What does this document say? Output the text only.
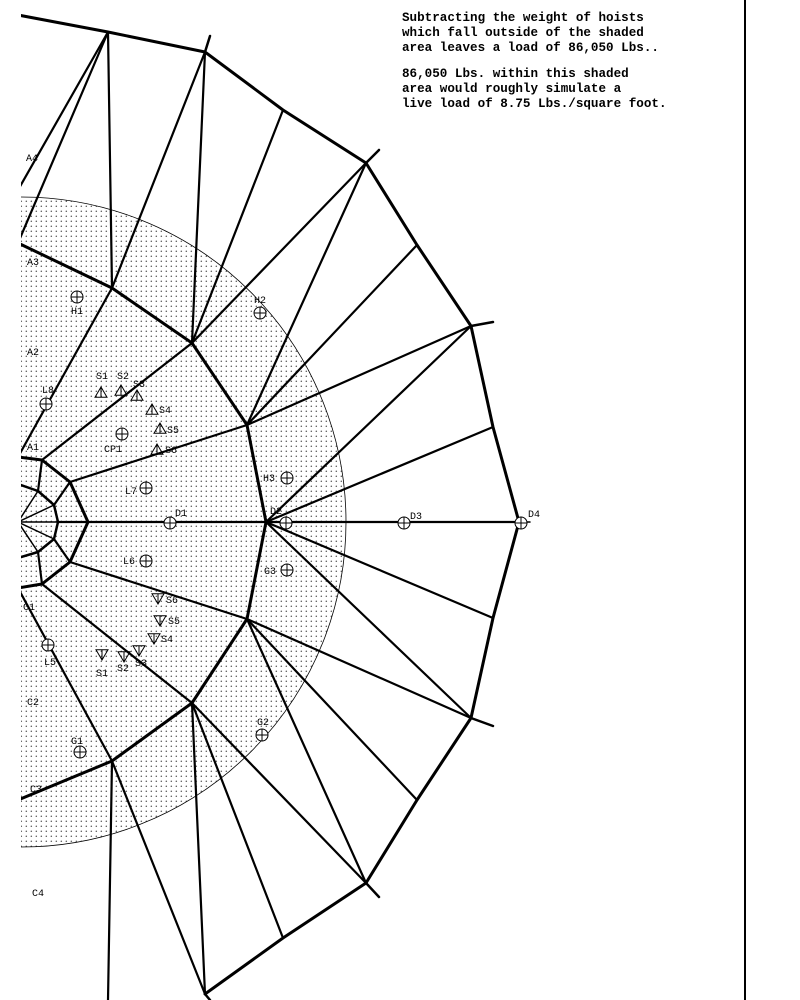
A4
A3
A2
A1
C1
C2
C3
C4
H1
H2
H3
L8
L7
L6
L5
D1	D2	D3	D4
G1
G2
G3
CP1
S1 S2
S3
S4
S5
S6
S1 S2 S3
S4
S5
S6
Subtracting the weight of hoists
which fall outside of the shaded
area leaves a load of 86,050 Lbs..
86,050 Lbs. within this shaded
area would roughly simulate a
live load of 8.75 Lbs./square foot.
